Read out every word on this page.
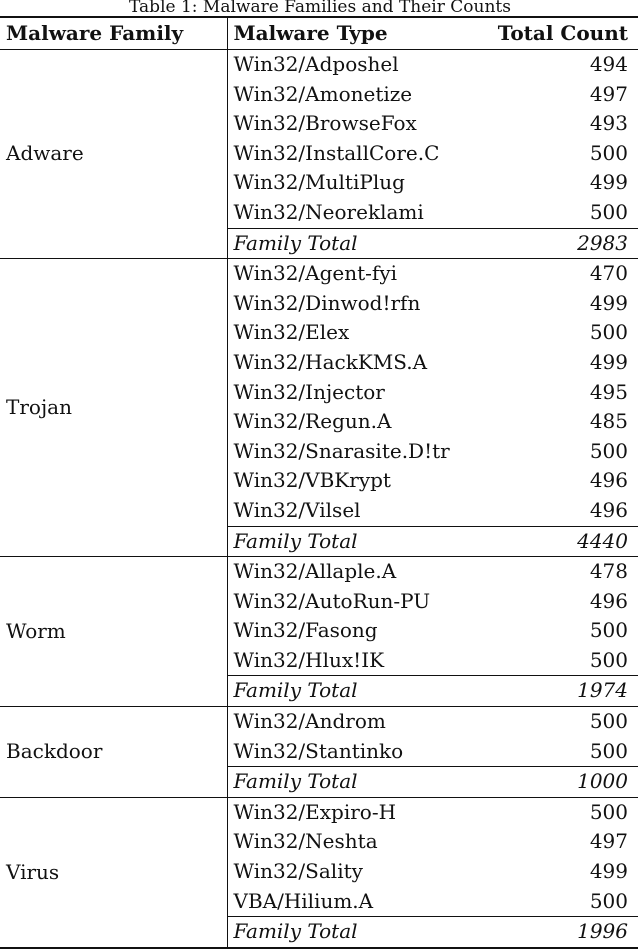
Table 1: Malware Families and Their Counts
Malware Family	Malware Type	Total Count
Adware	Win32/Adposhel	494
	Win32/Amonetize	497
	Win32/BrowseFox	493
	Win32/InstallCore.C	500
	Win32/MultiPlug	499
	Win32/Neoreklami	500
	Family Total	2983
Trojan	Win32/Agent-fyi	470
	Win32/Dinwod!rfn	499
	Win32/Elex	500
	Win32/HackKMS.A	499
	Win32/Injector	495
	Win32/Regun.A	485
	Win32/Snarasite.D!tr	500
	Win32/VBKrypt	496
	Win32/Vilsel	496
	Family Total	4440
Worm	Win32/Allaple.A	478
	Win32/AutoRun-PU	496
	Win32/Fasong	500
	Win32/Hlux!IK	500
	Family Total	1974
Backdoor	Win32/Androm	500
	Win32/Stantinko	500
	Family Total	1000
Virus	Win32/Expiro-H	500
	Win32/Neshta	497
	Win32/Sality	499
	VBA/Hilium.A	500
	Family Total	1996
